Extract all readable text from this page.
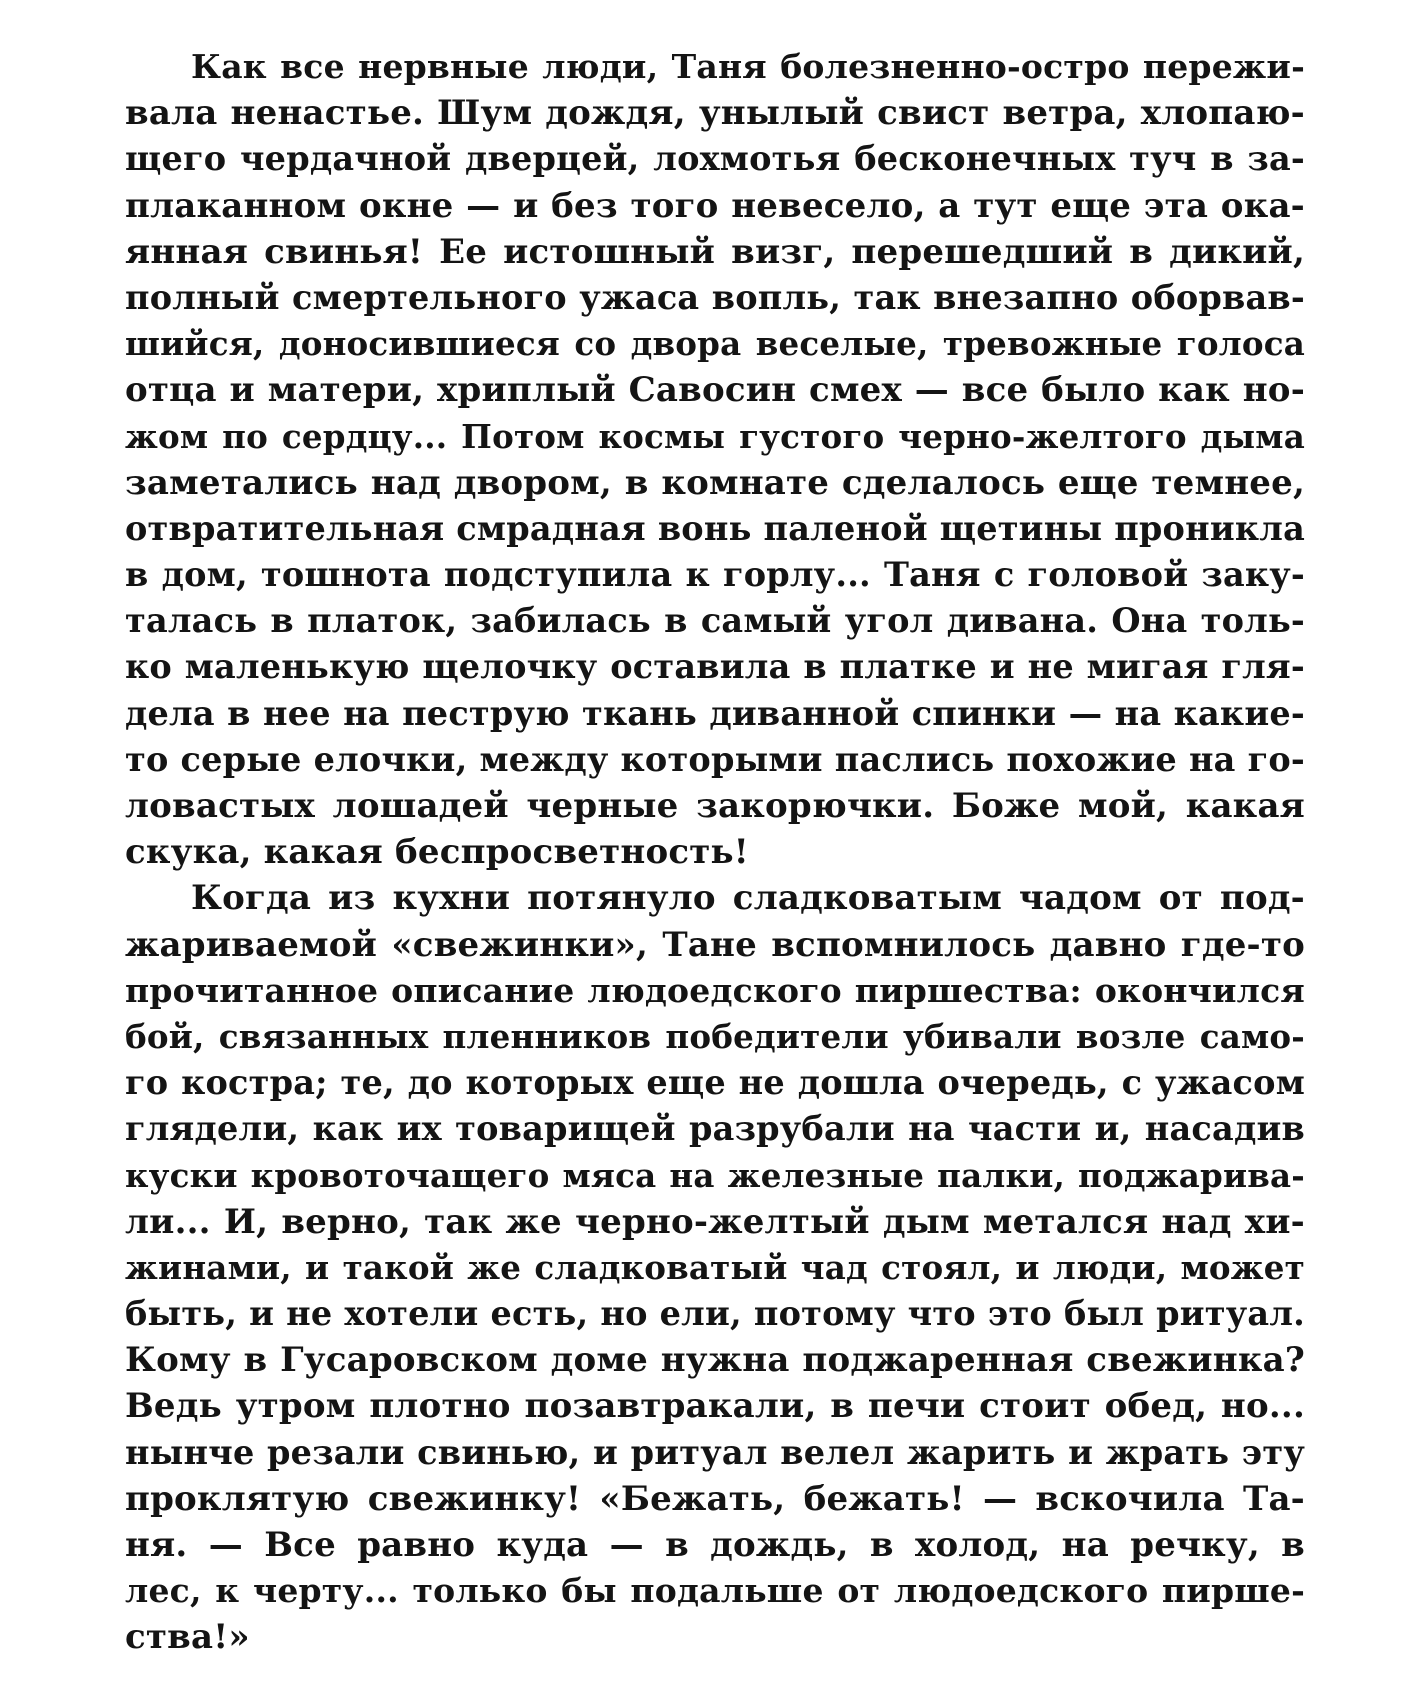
Как все нервные люди, Таня болезненно-остро пережи-
вала ненастье. Шум дождя, унылый свист ветра, хлопаю-
щего чердачной дверцей, лохмотья бесконечных туч в за-
плаканном окне — и без того невесело, а тут еще эта ока-
янная свинья! Ее истошный визг, перешедший в дикий,
полный смертельного ужаса вопль, так внезапно оборвав-
шийся, доносившиеся со двора веселые, тревожные голоса
отца и матери, хриплый Савосин смех — все было как но-
жом по сердцу... Потом космы густого черно-желтого дыма
заметались над двором, в комнате сделалось еще темнее,
отвратительная смрадная вонь паленой щетины проникла
в дом, тошнота подступила к горлу... Таня с головой заку-
талась в платок, забилась в самый угол дивана. Она толь-
ко маленькую щелочку оставила в платке и не мигая гля-
дела в нее на пеструю ткань диванной спинки — на какие-
то серые елочки, между которыми паслись похожие на го-
ловастых лошадей черные закорючки. Боже мой, какая
скука, какая беспросветность!
Когда из кухни потянуло сладковатым чадом от под-
жариваемой «свежинки», Тане вспомнилось давно где-то
прочитанное описание людоедского пиршества: окончился
бой, связанных пленников победители убивали возле само-
го костра; те, до которых еще не дошла очередь, с ужасом
глядели, как их товарищей разрубали на части и, насадив
куски кровоточащего мяса на железные палки, поджарива-
ли... И, верно, так же черно-желтый дым метался над хи-
жинами, и такой же сладковатый чад стоял, и люди, может
быть, и не хотели есть, но ели, потому что это был ритуал.
Кому в Гусаровском доме нужна поджаренная свежинка?
Ведь утром плотно позавтракали, в печи стоит обед, но...
нынче резали свинью, и ритуал велел жарить и жрать эту
проклятую свежинку! «Бежать, бежать! — вскочила Та-
ня. — Все равно куда — в дождь, в холод, на речку, в
лес, к черту... только бы подальше от людоедского пирше-
ства!»
